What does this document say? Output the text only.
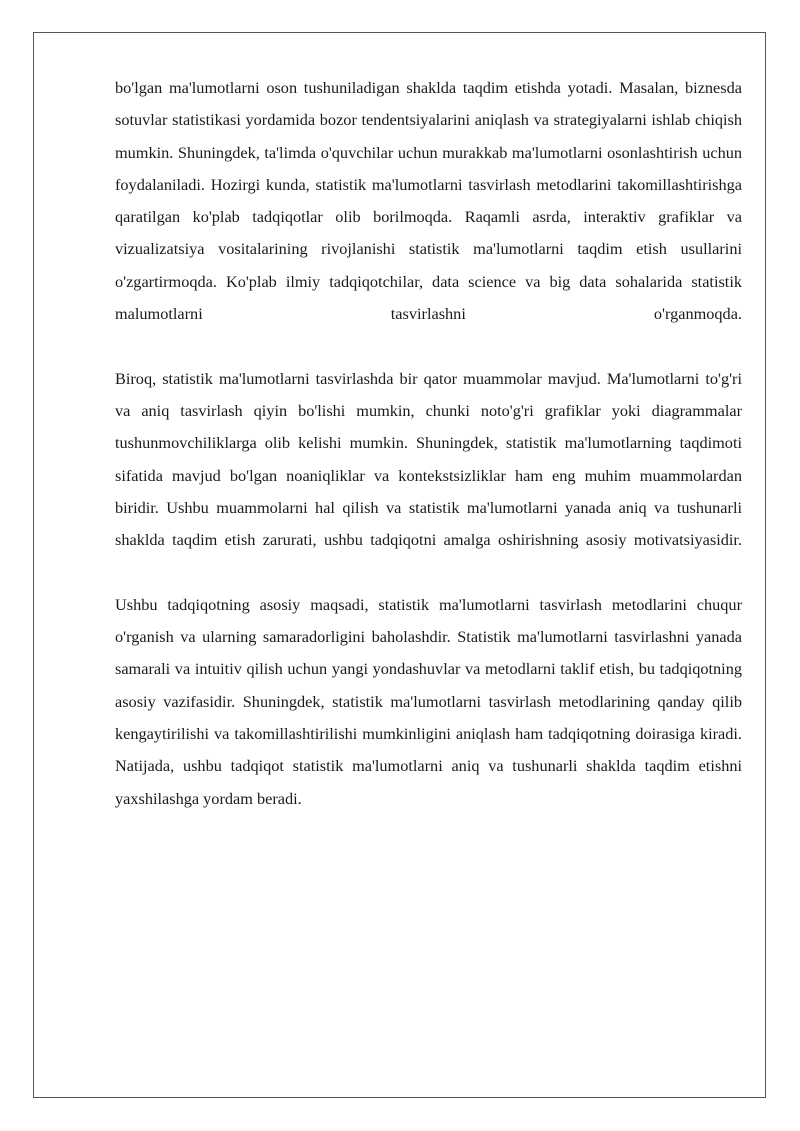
bo'lgan ma'lumotlarni oson tushuniladigan shaklda taqdim etishda yotadi. Masalan, biznesda sotuvlar statistikasi yordamida bozor tendentsiyalarini aniqlash va strategiyalarni ishlab chiqish mumkin. Shuningdek, ta'limda o'quvchilar uchun murakkab ma'lumotlarni osonlashtirish uchun foydalaniladi. Hozirgi kunda, statistik ma'lumotlarni tasvirlash metodlarini takomillashtirishga qaratilgan ko'plab tadqiqotlar olib borilmoqda. Raqamli asrda, interaktiv grafiklar va vizualizatsiya vositalarining rivojlanishi statistik ma'lumotlarni taqdim etish usullarini o'zgartirmoqda. Ko'plab ilmiy tadqiqotchilar, data science va big data sohalarida statistik malumotlarni tasvirlashni o'rganmoqda.

Biroq, statistik ma'lumotlarni tasvirlashda bir qator muammolar mavjud. Ma'lumotlarni to'g'ri va aniq tasvirlash qiyin bo'lishi mumkin, chunki noto'g'ri grafiklar yoki diagrammalar tushunmovchiliklarga olib kelishi mumkin. Shuningdek, statistik ma'lumotlarning taqdimoti sifatida mavjud bo'lgan noaniqliklar va kontekstsizliklar ham eng muhim muammolardan biridir. Ushbu muammolarni hal qilish va statistik ma'lumotlarni yanada aniq va tushunarli shaklda taqdim etish zarurati, ushbu tadqiqotni amalga oshirishning asosiy motivatsiyasidir.

Ushbu tadqiqotning asosiy maqsadi, statistik ma'lumotlarni tasvirlash metodlarini chuqur o'rganish va ularning samaradorligini baholashdir. Statistik ma'lumotlarni tasvirlashni yanada samarali va intuitiv qilish uchun yangi yondashuvlar va metodlarni taklif etish, bu tadqiqotning asosiy vazifasidir. Shuningdek, statistik ma'lumotlarni tasvirlash metodlarining qanday qilib kengaytirilishi va takomillashtirilishi mumkinligini aniqlash ham tadqiqotning doirasiga kiradi. Natijada, ushbu tadqiqot statistik ma'lumotlarni aniq va tushunarli shaklda taqdim etishni yaxshilashga yordam beradi.
